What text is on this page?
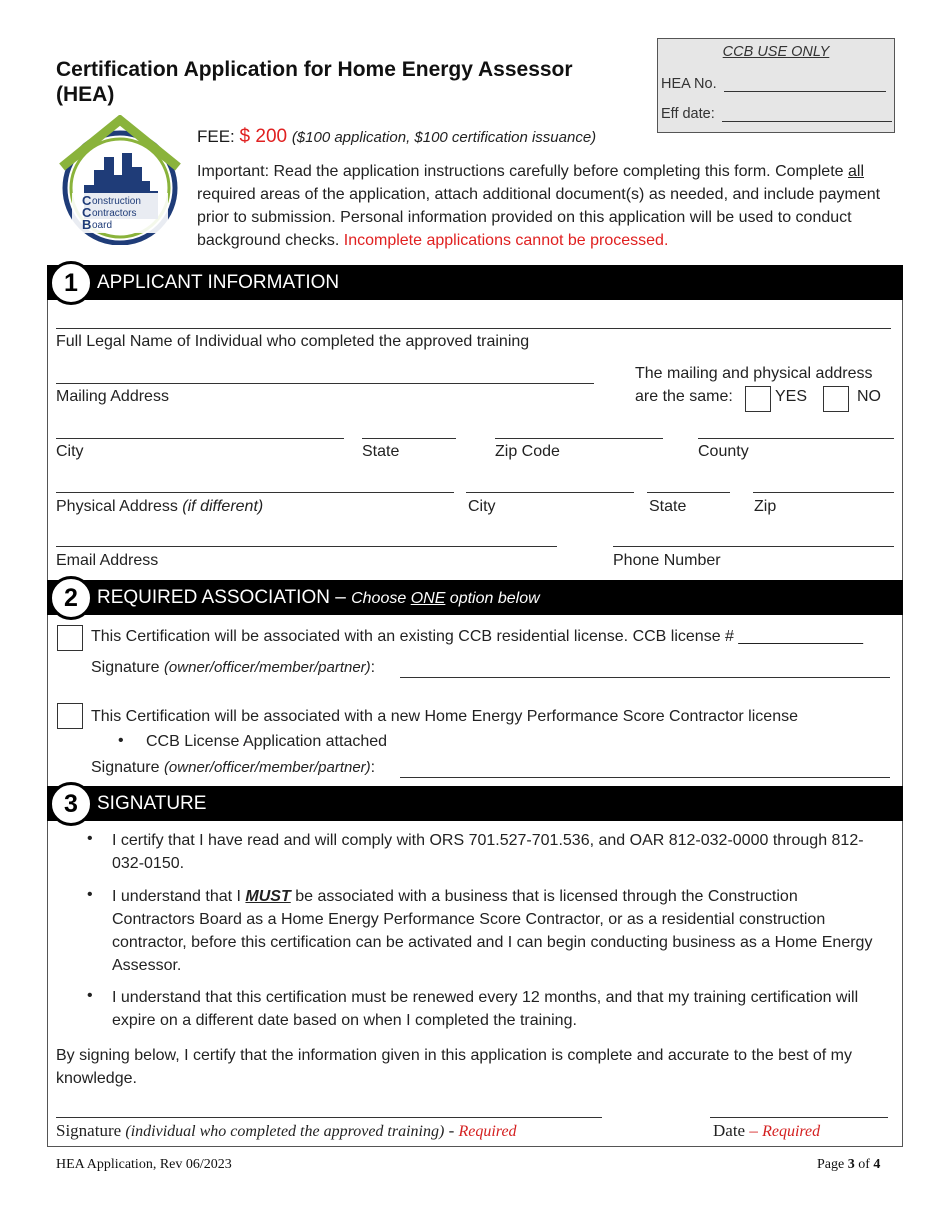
Certification Application for Home Energy Assessor (HEA)
CCB USE ONLY
HEA No.
Eff date:
onstruction
ontractors
oard
C
C
B
FEE: $ 200 ($100 application, $100 certification issuance)
Important: Read the application instructions carefully before completing this form. Complete all required areas of the application, attach additional document(s) as needed, and include payment prior to submission. Personal information provided on this application will be used to conduct background checks. Incomplete applications cannot be processed.
APPLICANT INFORMATION
1
Full Legal Name of Individual who completed the approved training
Mailing Address
The mailing and physical address
are the same:	YES	NO
City	State	Zip Code	County
Physical Address (if different)	City	State	Zip
Email Address	Phone Number
REQUIRED ASSOCIATION – Choose ONE option below
2
This Certification will be associated with an existing CCB residential license. CCB license # ______________
Signature (owner/officer/member/partner):
This Certification will be associated with a new Home Energy Performance Score Contractor license
• CCB License Application attached
Signature (owner/officer/member/partner):
SIGNATURE
3
• I certify that I have read and will comply with ORS 701.527-701.536, and OAR 812-032-0000 through 812-032-0150.
• I understand that I MUST be associated with a business that is licensed through the Construction Contractors Board as a Home Energy Performance Score Contractor, or as a residential construction contractor, before this certification can be activated and I can begin conducting business as a Home Energy Assessor.
• I understand that this certification must be renewed every 12 months, and that my training certification will expire on a different date based on when I completed the training.
By signing below, I certify that the information given in this application is complete and accurate to the best of my knowledge.
Signature (individual who completed the approved training) - Required	Date – Required
HEA Application, Rev 06/2023	Page 3 of 4
